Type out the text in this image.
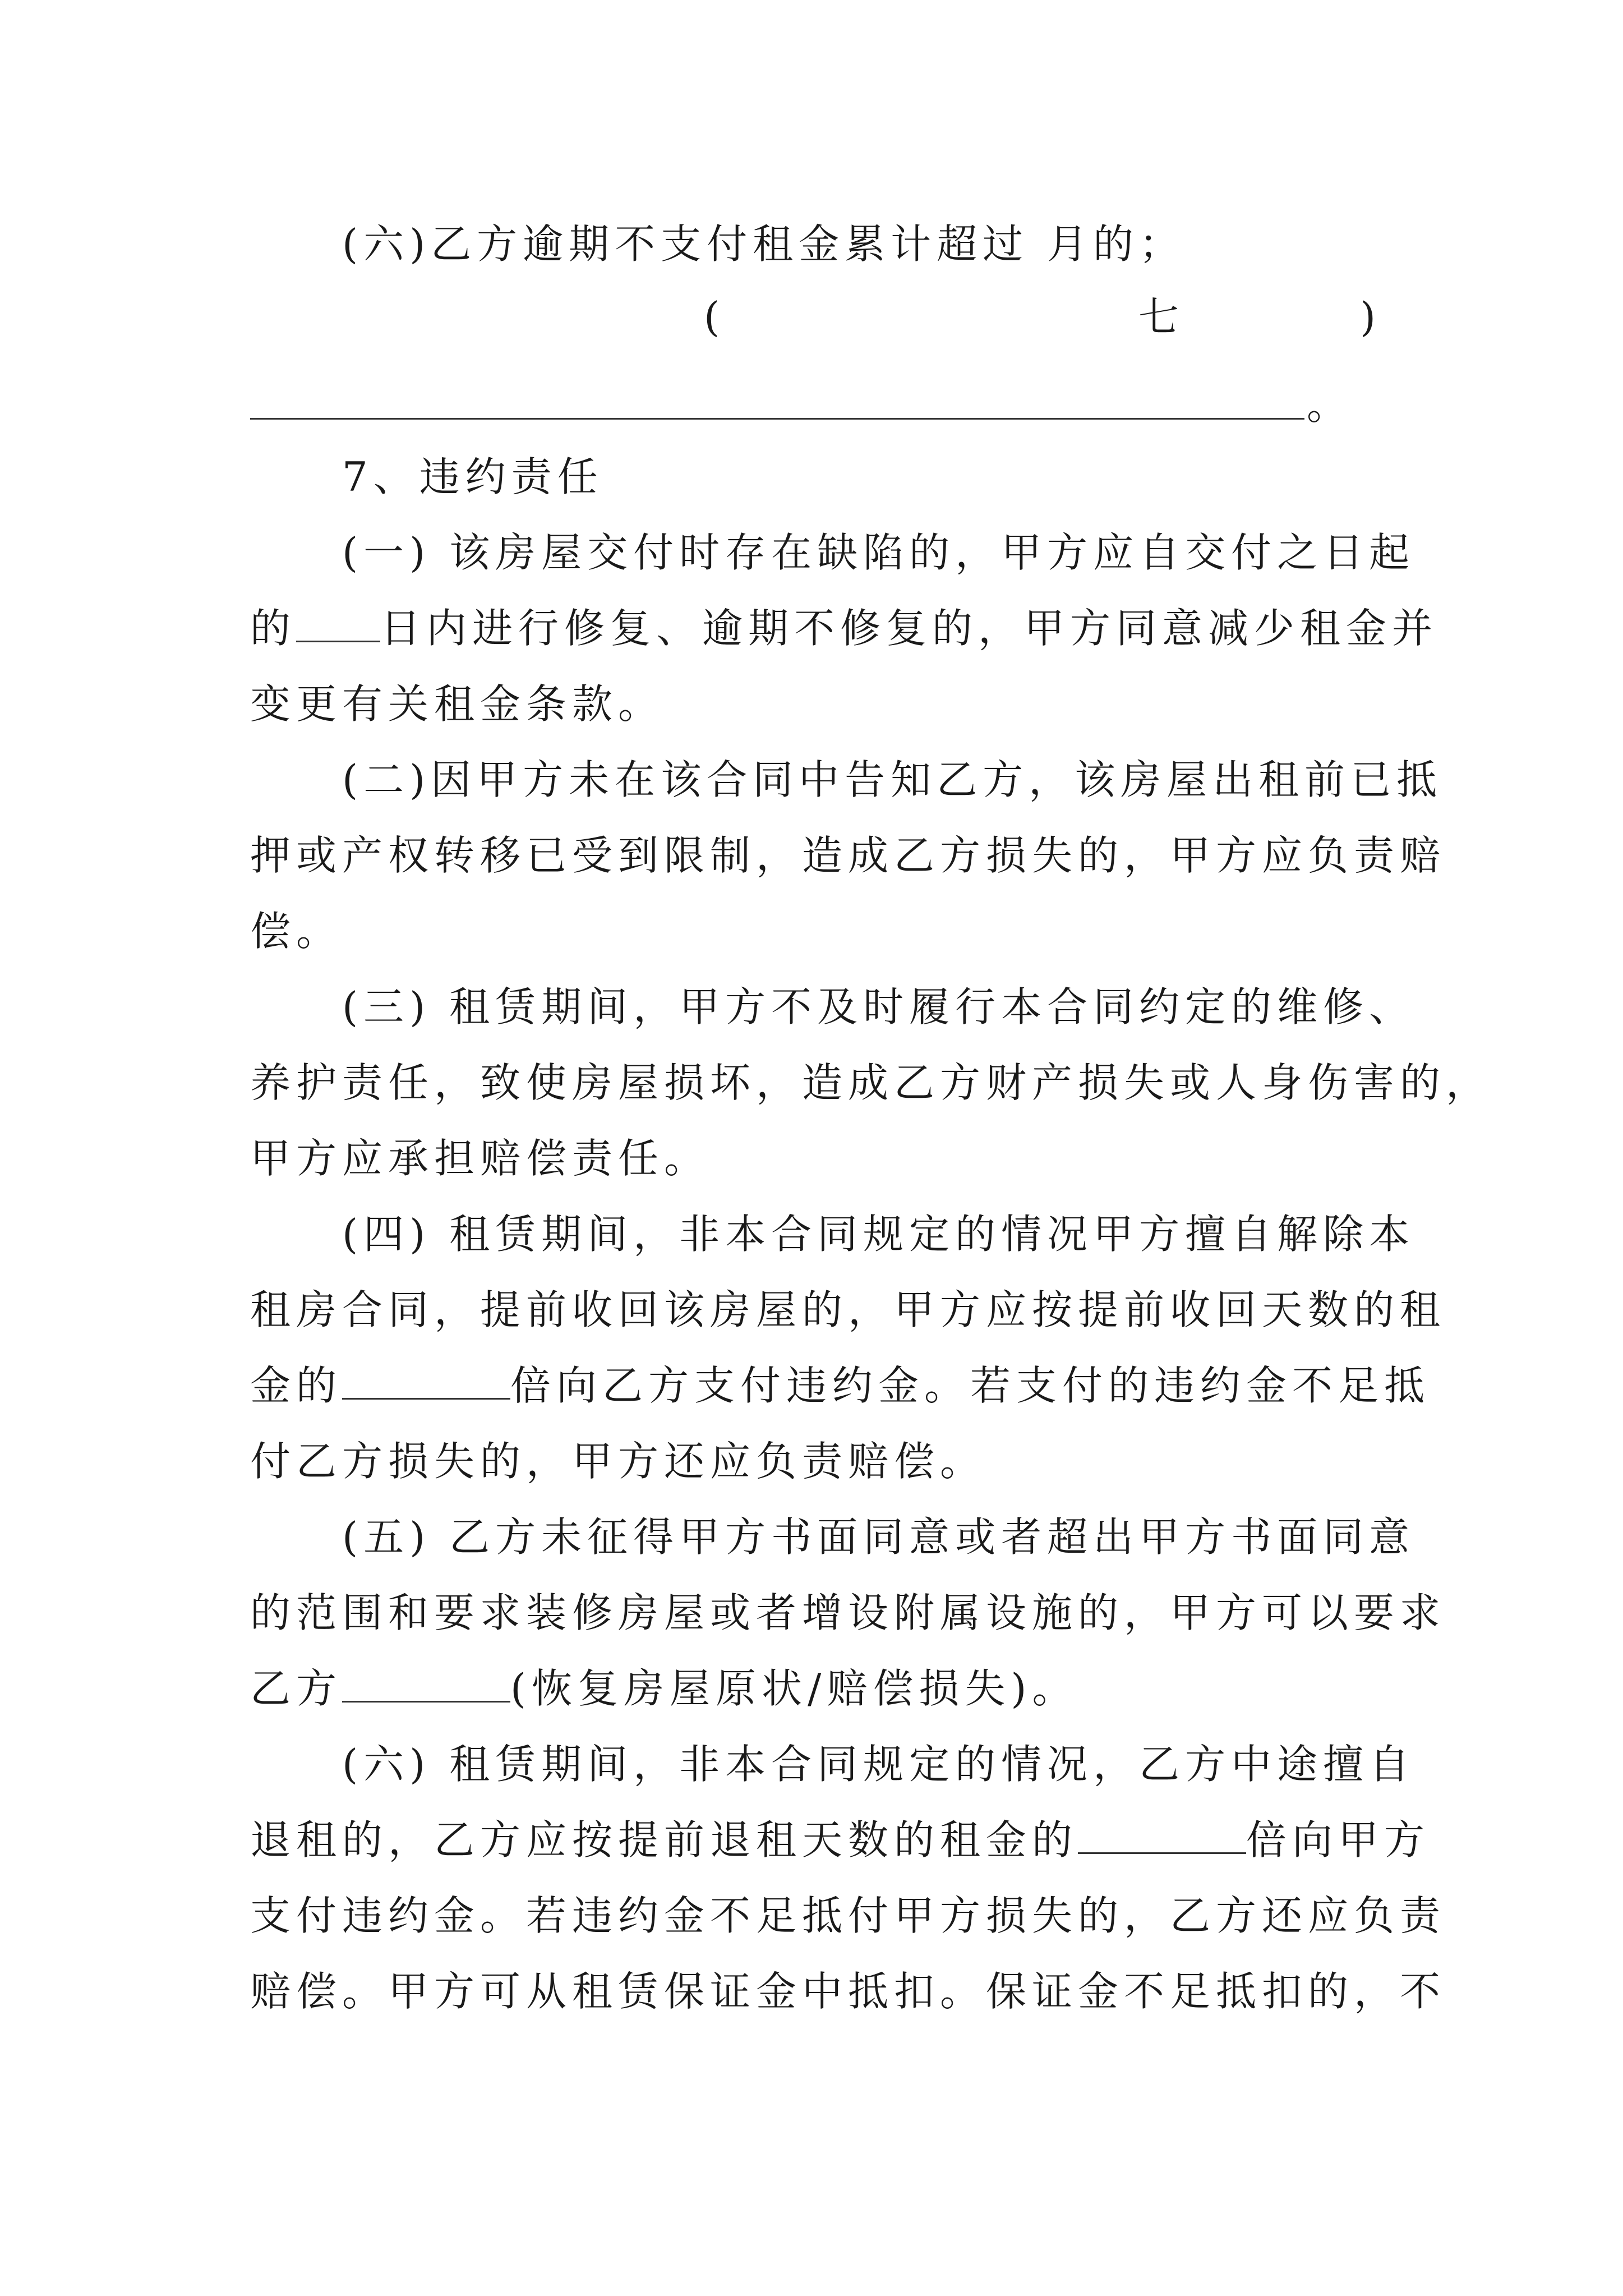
(六)乙方逾期不支付租金累计超过 月的；
(	七	)
。
7、违约责任
(一) 该房屋交付时存在缺陷的，甲方应自交付之日起
的 日内进行修复、逾期不修复的，甲方同意减少租金并
变更有关租金条款。
(二)因甲方未在该合同中告知乙方，该房屋出租前已抵
押或产权转移已受到限制，造成乙方损失的，甲方应负责赔
偿。
(三) 租赁期间，甲方不及时履行本合同约定的维修、
养护责任，致使房屋损坏，造成乙方财产损失或人身伤害的，
甲方应承担赔偿责任。
(四) 租赁期间，非本合同规定的情况甲方擅自解除本
租房合同，提前收回该房屋的，甲方应按提前收回天数的租
金的	倍向乙方支付违约金。若支付的违约金不足抵
付乙方损失的，甲方还应负责赔偿。
(五) 乙方未征得甲方书面同意或者超出甲方书面同意
的范围和要求装修房屋或者增设附属设施的，甲方可以要求
乙方	(恢复房屋原状/赔偿损失)。
(六) 租赁期间，非本合同规定的情况，乙方中途擅自
退租的，乙方应按提前退租天数的租金的	倍向甲方
支付违约金。若违约金不足抵付甲方损失的，乙方还应负责
赔偿。甲方可从租赁保证金中抵扣。保证金不足抵扣的，不
